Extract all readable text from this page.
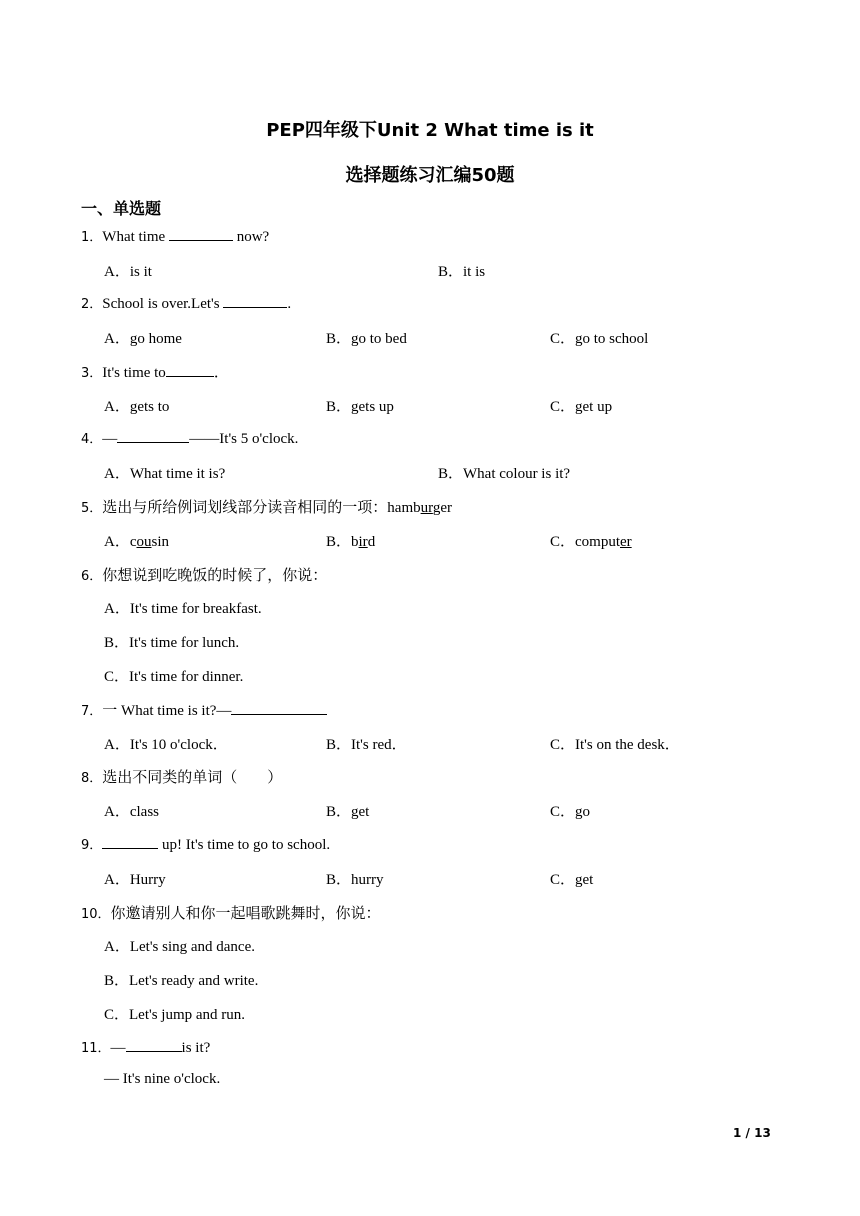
PEP四年级下Unit 2 What time is it
选择题练习汇编50题
一、单选题
1．What time	now?
A．is it	B．it is
2．School is over.Let's	.
A．go home	B．go to bed	C．go to school
3．It's time to	．
A．gets to	B．gets up	C．get up
4．—	——It's 5 o'clock.
A．What time it is?	B．What colour is it?
5．选出与所给例词划线部分读音相同的一项：hamburger
A．cousin	B．bird	C．computer
6．你想说到吃晚饭的时候了，你说：
A．It's time for breakfast.
B．It's time for lunch.
C．It's time for dinner.
7．一 What time is it?—
A．It's 10 o'clock．	B．It's red．	C．It's on the desk．
8．选出不同类的单词（　　）
A．class	B．get	C．go
9．	up! It's time to go to school.
A．Hurry	B．hurry	C．get
10．你邀请别人和你一起唱歌跳舞时，你说：
A．Let's sing and dance.
B．Let's ready and write.
C．Let's jump and run.
11．—	is it?
— It's nine o'clock.
1 / 13
